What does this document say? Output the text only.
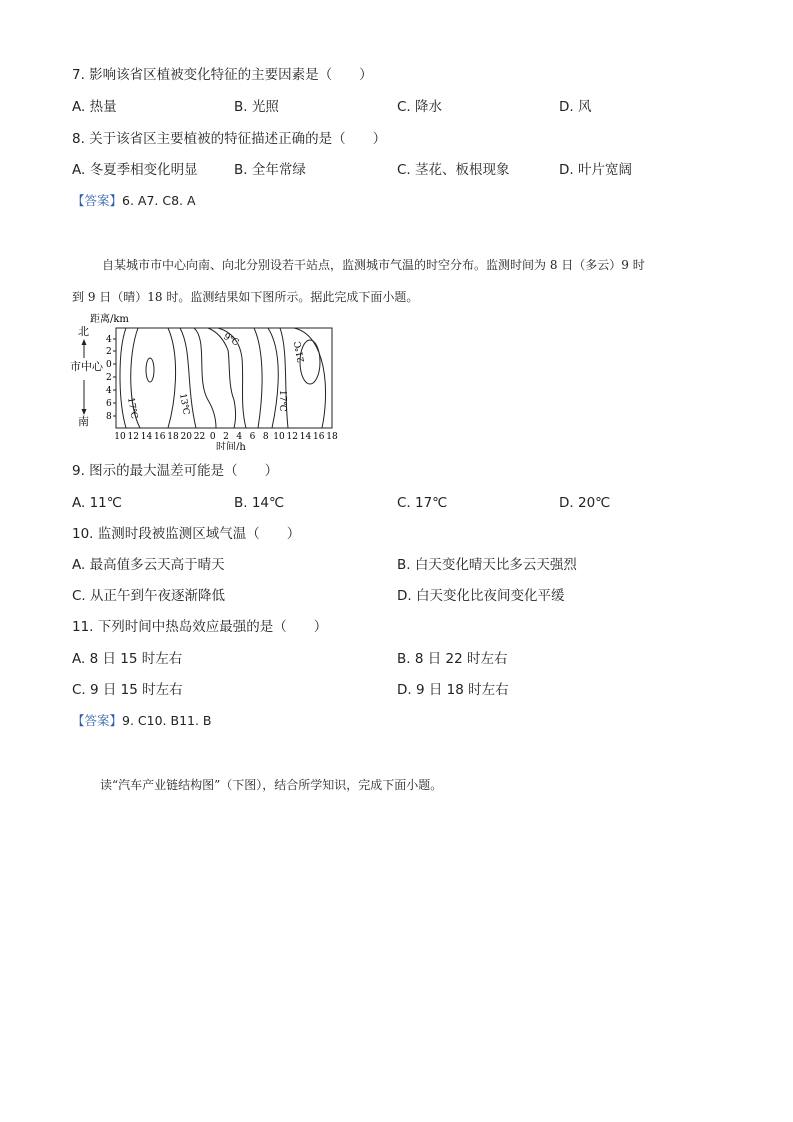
7. 影响该省区植被变化特征的主要因素是（　　）
A. 热量	B. 光照	C. 降水	D. 风
8. 关于该省区主要植被的特征描述正确的是（　　）
A. 冬夏季相变化明显	B. 全年常绿	C. 茎花、板根现象	D. 叶片宽阔
【答案】6. A7. C8. A
自某城市市中心向南、向北分别设若干站点，监测城市气温的时空分布。监测时间为 8 日（多云）9 时
到 9 日（晴）18 时。监测结果如下图所示。据此完成下面小题。
距离/km
北
市中心
南
4
2
0
2
4
6
8 17℃	13℃
9℃
17℃
21℃
10 12 14 16 18 20 22 0 2 4 6 8 10 12 14 16 18
时间/h
9. 图示的最大温差可能是（　　）
A. 11℃	B. 14℃	C. 17℃	D. 20℃
10. 监测时段被监测区域气温（　　）
A. 最高值多云天高于晴天	B. 白天变化晴天比多云天强烈
C. 从正午到午夜逐渐降低	D. 白天变化比夜间变化平缓
11. 下列时间中热岛效应最强的是（　　）
A. 8 日 15 时左右	B. 8 日 22 时左右
C. 9 日 15 时左右	D. 9 日 18 时左右
【答案】9. C10. B11. B
读“汽车产业链结构图”（下图），结合所学知识，完成下面小题。
